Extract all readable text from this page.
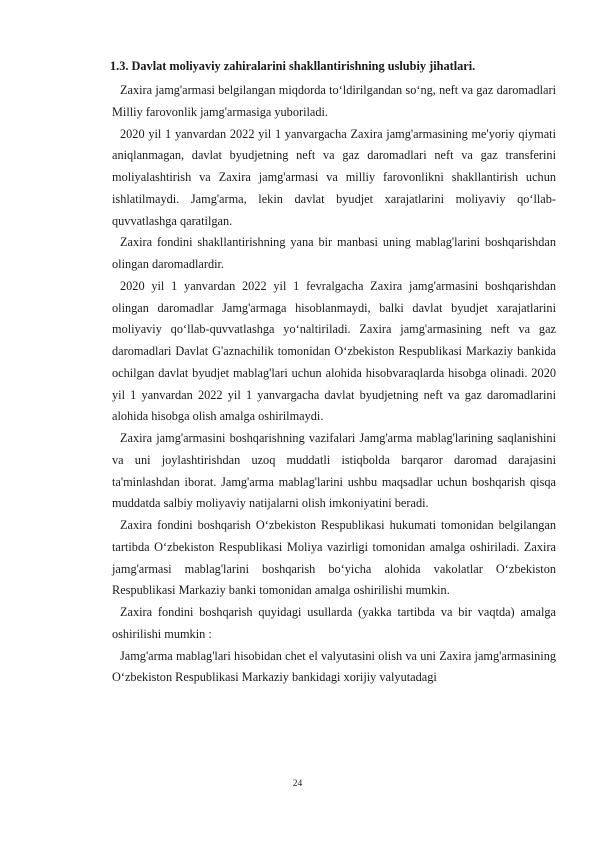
1.3. Davlat moliyaviy zahiralarini shakllantirishning uslubiy jihatlari.

Zaxira jamg'armasi belgilangan miqdorda to‘ldirilgandan so‘ng, neft va gaz daromadlari Milliy farovonlik jamg'armasiga yuboriladi.

2020 yil 1 yanvardan 2022 yil 1 yanvargacha Zaxira jamg'armasining me'yoriy qiymati aniqlanmagan, davlat byudjetning neft va gaz daromadlari neft va gaz transferini moliyalashtirish va Zaxira jamg'armasi va milliy farovonlikni shakllantirish uchun ishlatilmaydi. Jamg'arma, lekin davlat byudjet xarajatlarini moliyaviy qo‘llab-quvvatlashga qaratilgan.

Zaxira fondini shakllantirishning yana bir manbasi uning mablag'larini boshqarishdan olingan daromadlardir.

2020 yil 1 yanvardan 2022 yil 1 fevralgacha Zaxira jamg'armasini boshqarishdan olingan daromadlar Jamg'armaga hisoblanmaydi, balki davlat byudjet xarajatlarini moliyaviy qo‘llab-quvvatlashga yo‘naltiriladi. Zaxira jamg'armasining neft va gaz daromadlari Davlat G'aznachilik tomonidan O‘zbekiston Respublikasi Markaziy bankida ochilgan davlat byudjet mablag'lari uchun alohida hisobvaraqlarda hisobga olinadi. 2020 yil 1 yanvardan 2022 yil 1 yanvargacha davlat byudjetning neft va gaz daromadlarini alohida hisobga olish amalga oshirilmaydi.

Zaxira jamg'armasini boshqarishning vazifalari Jamg'arma mablag'larining saqlanishini va uni joylashtirishdan uzoq muddatli istiqbolda barqaror daromad darajasini ta'minlashdan iborat. Jamg'arma mablag'larini ushbu maqsadlar uchun boshqarish qisqa muddatda salbiy moliyaviy natijalarni olish imkoniyatini beradi.

Zaxira fondini boshqarish O‘zbekiston Respublikasi hukumati tomonidan belgilangan tartibda O‘zbekiston Respublikasi Moliya vazirligi tomonidan amalga oshiriladi. Zaxira jamg'armasi mablag'larini boshqarish bo‘yicha alohida vakolatlar O‘zbekiston Respublikasi Markaziy banki tomonidan amalga oshirilishi mumkin.

Zaxira fondini boshqarish quyidagi usullarda (yakka tartibda va bir vaqtda) amalga oshirilishi mumkin :

Jamg'arma mablag'lari hisobidan chet el valyutasini olish va uni Zaxira jamg'armasining O‘zbekiston Respublikasi Markaziy bankidagi xorijiy valyutadagi

24
